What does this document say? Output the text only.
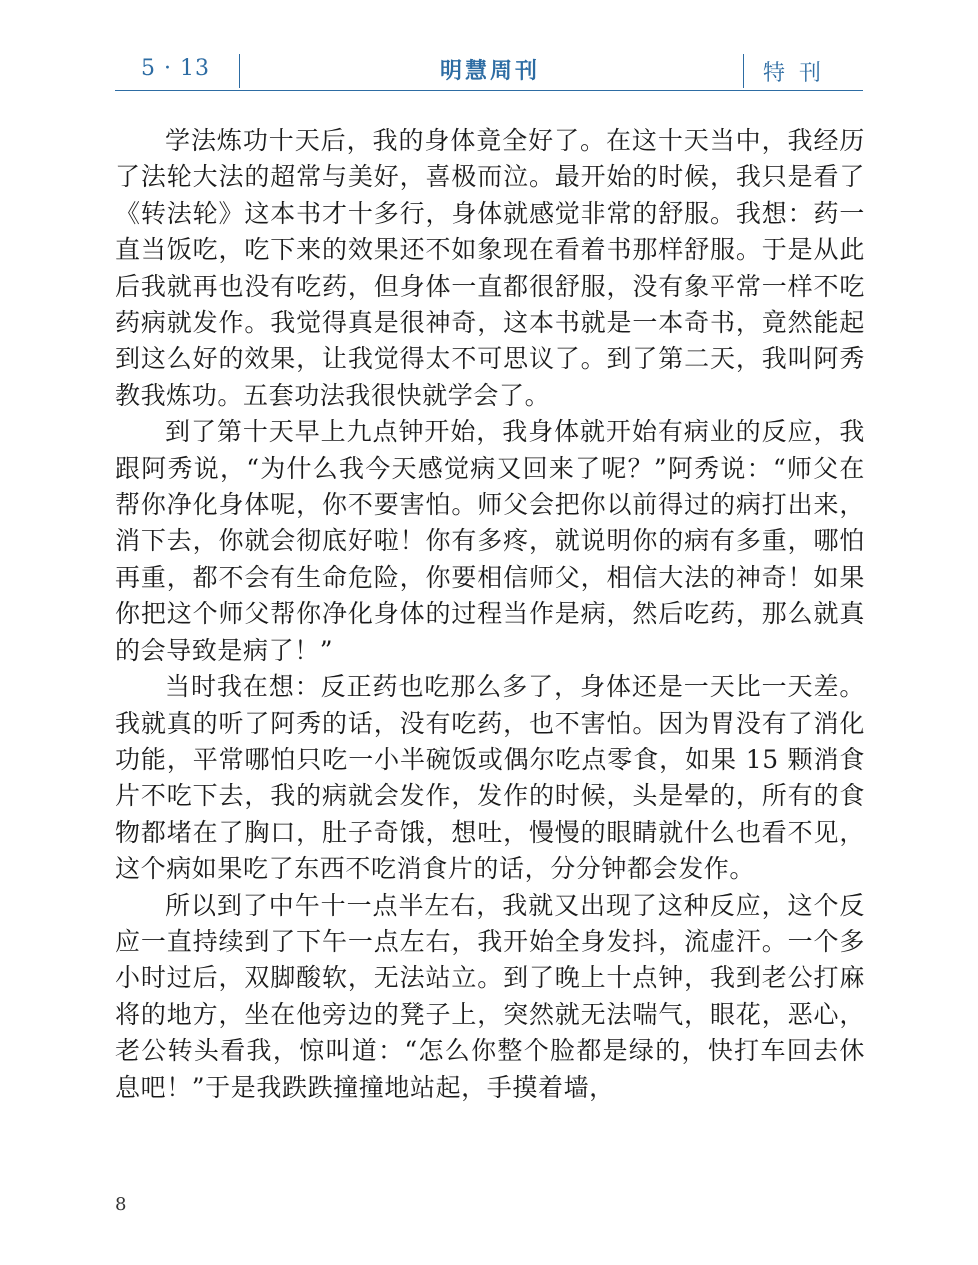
5 · 13	明慧周刊	特刊

学法炼功十天后，我的身体竟全好了。在这十天当中，我经历了法轮大法的超常与美好，喜极而泣。最开始的时候，我只是看了《转法轮》这本书才十多行，身体就感觉非常的舒服。我想：药一直当饭吃，吃下来的效果还不如象现在看着书那样舒服。于是从此后我就再也没有吃药，但身体一直都很舒服，没有象平常一样不吃药病就发作。我觉得真是很神奇，这本书就是一本奇书，竟然能起到这么好的效果，让我觉得太不可思议了。到了第二天，我叫阿秀教我炼功。五套功法我很快就学会了。

到了第十天早上九点钟开始，我身体就开始有病业的反应，我跟阿秀说，“为什么我今天感觉病又回来了呢？”阿秀说：“师父在帮你净化身体呢，你不要害怕。师父会把你以前得过的病打出来，消下去，你就会彻底好啦！你有多疼，就说明你的病有多重，哪怕再重，都不会有生命危险，你要相信师父，相信大法的神奇！如果你把这个师父帮你净化身体的过程当作是病，然后吃药，那么就真的会导致是病了！”

当时我在想：反正药也吃那么多了，身体还是一天比一天差。我就真的听了阿秀的话，没有吃药，也不害怕。因为胃没有了消化功能，平常哪怕只吃一小半碗饭或偶尔吃点零食，如果 15 颗消食片不吃下去，我的病就会发作，发作的时候，头是晕的，所有的食物都堵在了胸口，肚子奇饿，想吐，慢慢的眼睛就什么也看不见，这个病如果吃了东西不吃消食片的话，分分钟都会发作。

所以到了中午十一点半左右，我就又出现了这种反应，这个反应一直持续到了下午一点左右，我开始全身发抖，流虚汗。一个多小时过后，双脚酸软，无法站立。到了晚上十点钟，我到老公打麻将的地方，坐在他旁边的凳子上，突然就无法喘气，眼花，恶心，老公转头看我，惊叫道：“怎么你整个脸都是绿的，快打车回去休息吧！”于是我跌跌撞撞地站起，手摸着墙，

8
